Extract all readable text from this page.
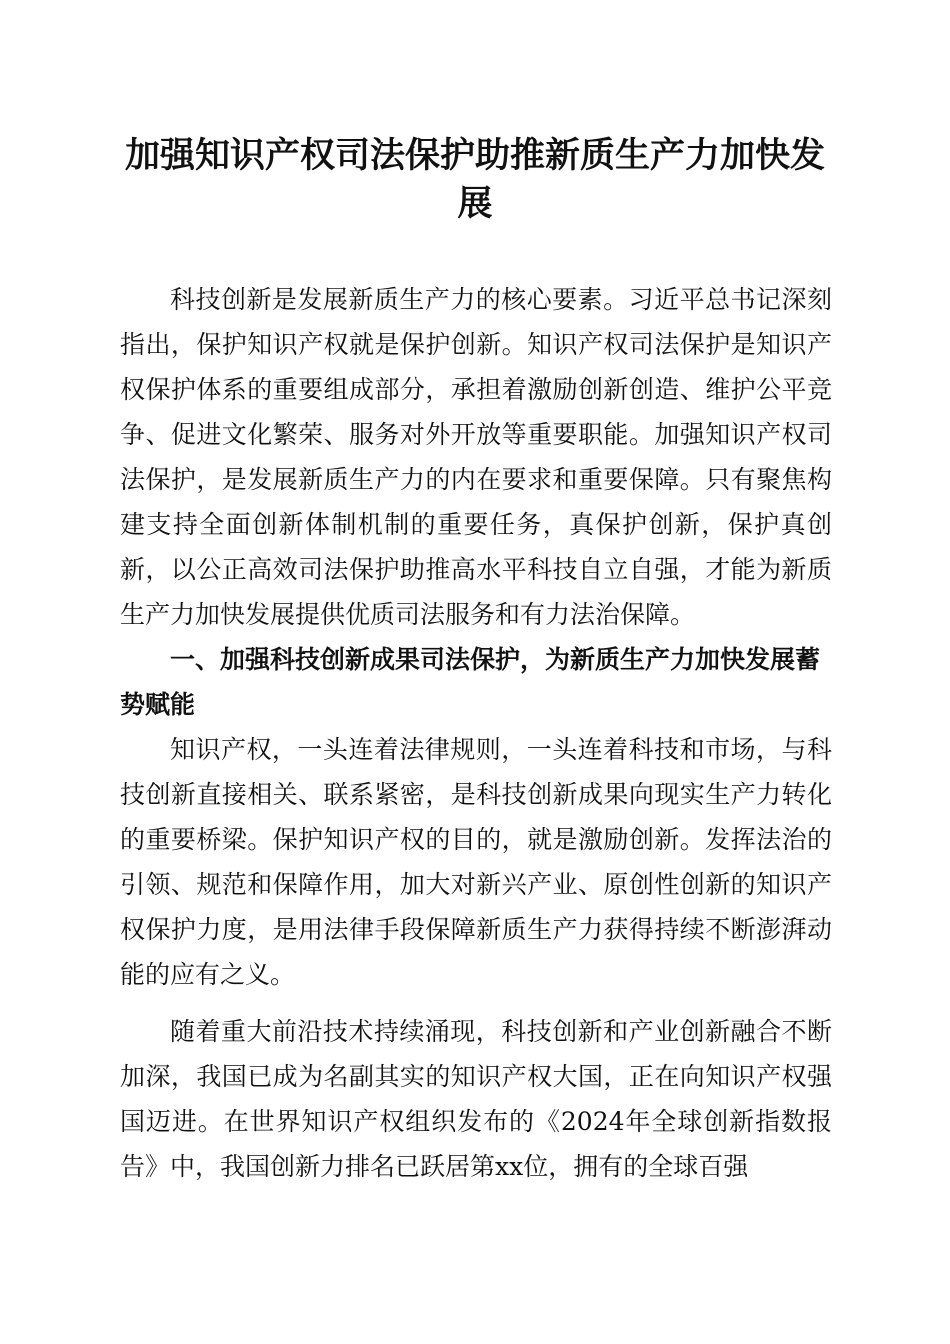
加强知识产权司法保护助推新质生产力加快发展

科技创新是发展新质生产力的核心要素。习近平总书记深刻指出，保护知识产权就是保护创新。知识产权司法保护是知识产权保护体系的重要组成部分，承担着激励创新创造、维护公平竞争、促进文化繁荣、服务对外开放等重要职能。加强知识产权司法保护，是发展新质生产力的内在要求和重要保障。只有聚焦构建支持全面创新体制机制的重要任务，真保护创新，保护真创新，以公正高效司法保护助推高水平科技自立自强，才能为新质生产力加快发展提供优质司法服务和有力法治保障。

一、加强科技创新成果司法保护，为新质生产力加快发展蓄势赋能

知识产权，一头连着法律规则，一头连着科技和市场，与科技创新直接相关、联系紧密，是科技创新成果向现实生产力转化的重要桥梁。保护知识产权的目的，就是激励创新。发挥法治的引领、规范和保障作用，加大对新兴产业、原创性创新的知识产权保护力度，是用法律手段保障新质生产力获得持续不断澎湃动能的应有之义。

随着重大前沿技术持续涌现，科技创新和产业创新融合不断加深，我国已成为名副其实的知识产权大国，正在向知识产权强国迈进。在世界知识产权组织发布的《2024年全球创新指数报告》中，我国创新力排名已跃居第xx位，拥有的全球百强
